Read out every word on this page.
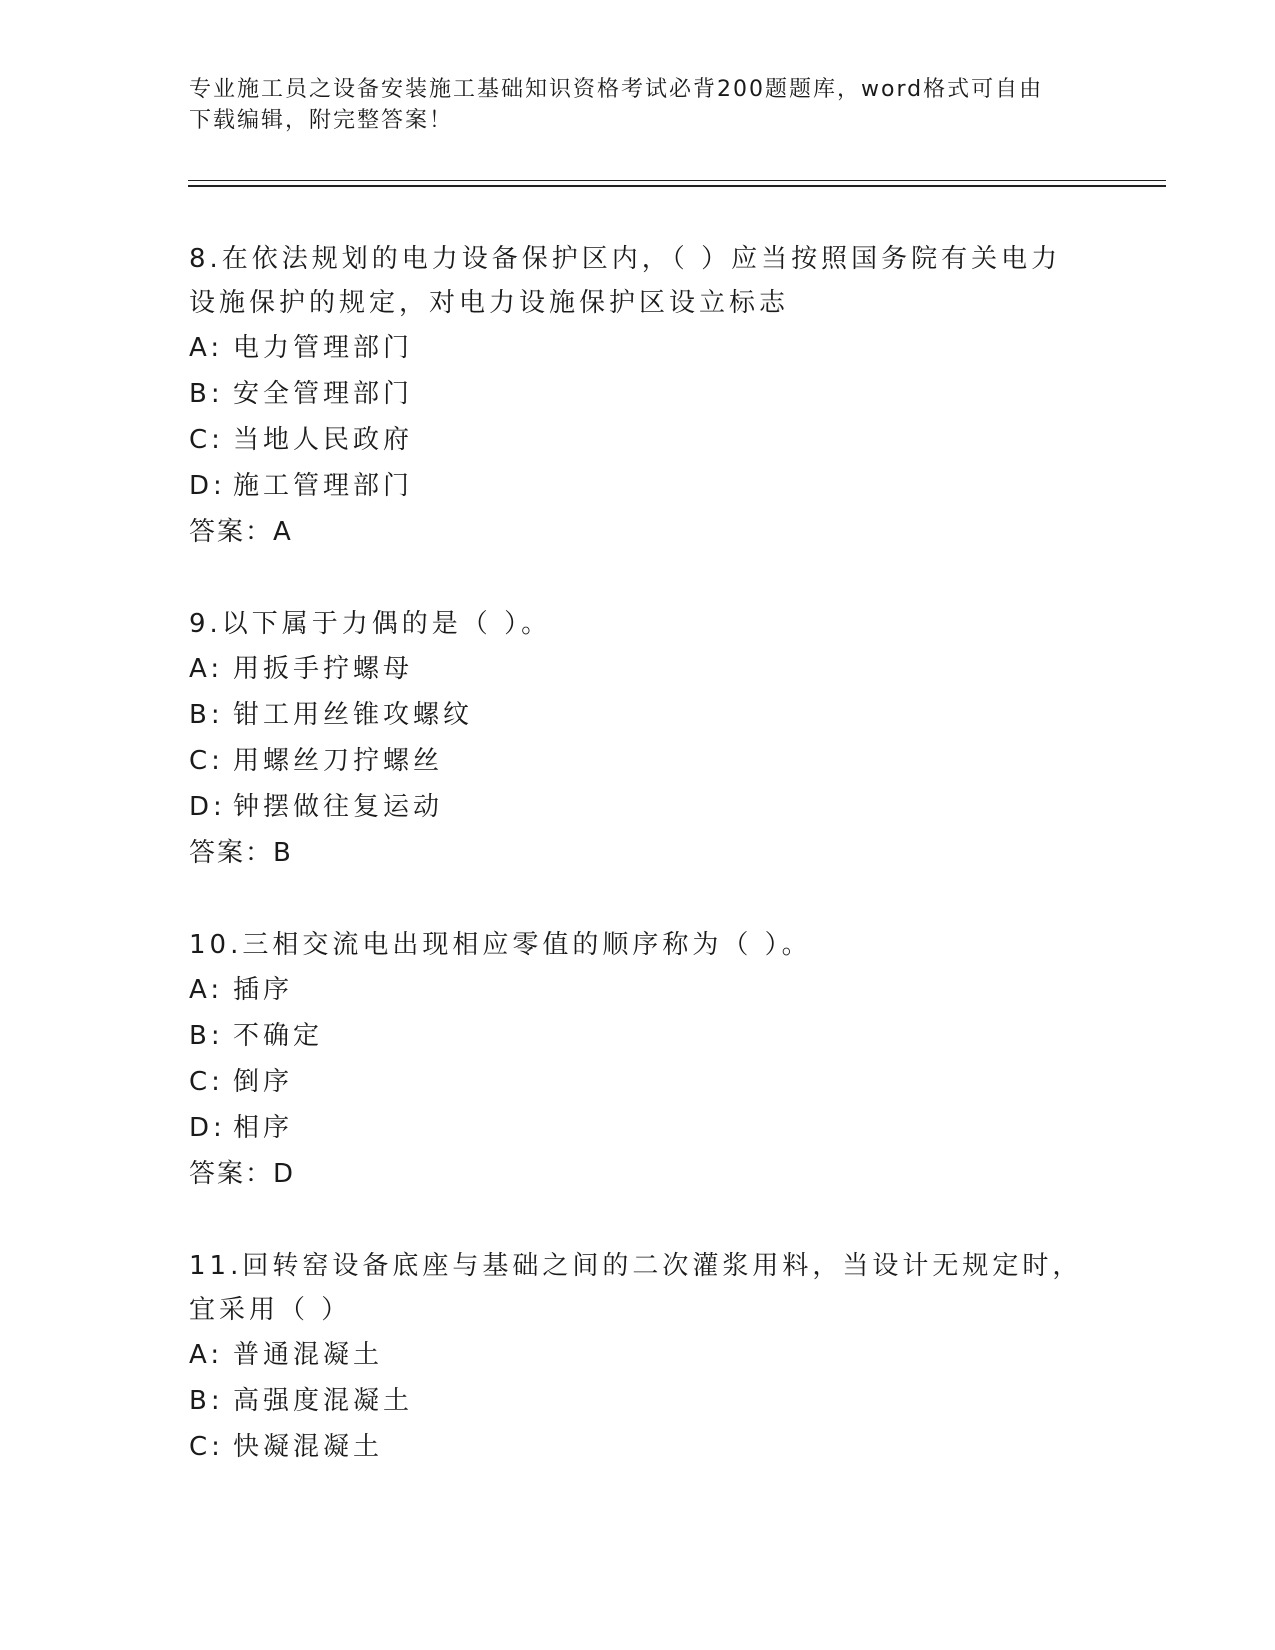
专业施工员之设备安装施工基础知识资格考试必背200题题库，word格式可自由
下载编辑，附完整答案！
8.在依法规划的电力设备保护区内，（ ）应当按照国务院有关电力设施保护的规定，对电力设施保护区设立标志
A: 电力管理部门
B: 安全管理部门
C: 当地人民政府
D: 施工管理部门
答案：A
9.以下属于力偶的是（ ）。
A: 用扳手拧螺母
B: 钳工用丝锥攻螺纹
C: 用螺丝刀拧螺丝
D: 钟摆做往复运动
答案：B
10.三相交流电出现相应零值的顺序称为（ ）。
A: 插序
B: 不确定
C: 倒序
D: 相序
答案：D
11.回转窑设备底座与基础之间的二次灌浆用料，当设计无规定时，宜采用（ ）
A: 普通混凝土
B: 高强度混凝土
C: 快凝混凝土
